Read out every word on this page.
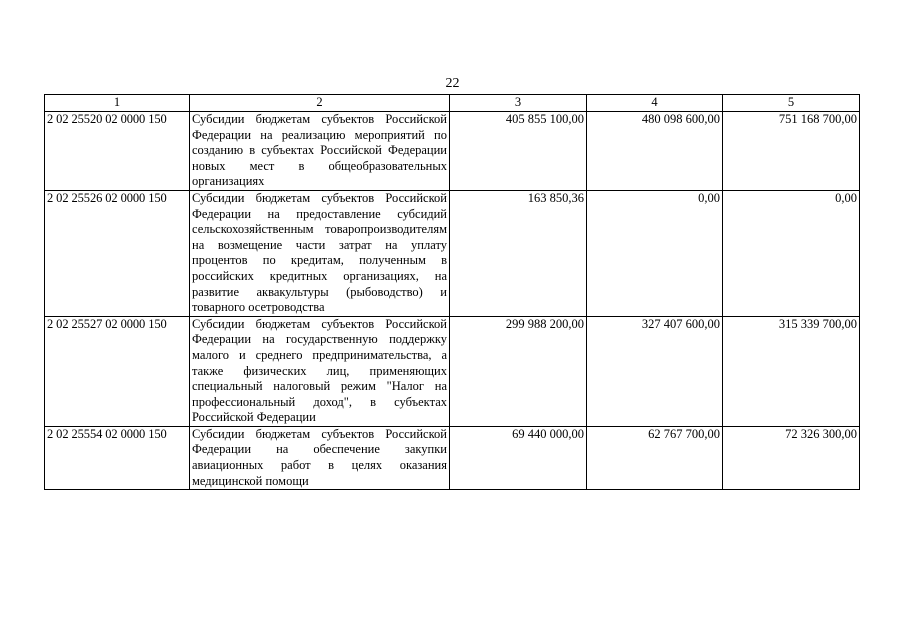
22
1	2	3	4	5
2 02 25520 02 0000 150	Субсидии бюджетам субъектов Российской Федерации на реализацию мероприятий по созданию в субъектах Российской Федерации новых мест в общеобразовательных организациях	405 855 100,00	480 098 600,00	751 168 700,00
2 02 25526 02 0000 150	Субсидии бюджетам субъектов Российской Федерации на предоставление субсидий сельскохозяйственным товаропроизводителям на возмещение части затрат на уплату процентов по кредитам, полученным в российских кредитных организациях, на развитие аквакультуры (рыбоводство) и товарного осетроводства	163 850,36	0,00	0,00
2 02 25527 02 0000 150	Субсидии бюджетам субъектов Российской Федерации на государственную поддержку малого и среднего предпринимательства, а также физических лиц, применяющих специальный налоговый режим "Налог на профессиональный доход", в субъектах Российской Федерации	299 988 200,00	327 407 600,00	315 339 700,00
2 02 25554 02 0000 150	Субсидии бюджетам субъектов Российской Федерации на обеспечение закупки авиационных работ в целях оказания медицинской помощи	69 440 000,00	62 767 700,00	72 326 300,00
